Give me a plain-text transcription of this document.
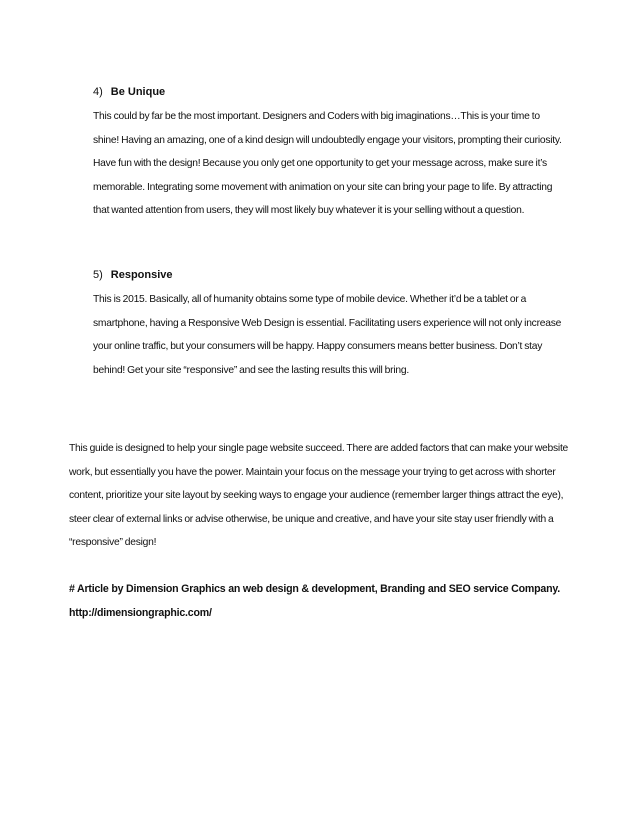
4) Be Unique

This could by far be the most important. Designers and Coders with big imaginations…This is your time to shine! Having an amazing, one of a kind design will undoubtedly engage your visitors, prompting their curiosity. Have fun with the design! Because you only get one opportunity to get your message across, make sure it’s memorable. Integrating some movement with animation on your site can bring your page to life. By attracting that wanted attention from users, they will most likely buy whatever it is your selling without a question.

5) Responsive

This is 2015. Basically, all of humanity obtains some type of mobile device. Whether it’d be a tablet or a smartphone, having a Responsive Web Design is essential. Facilitating users experience will not only increase your online traffic, but your consumers will be happy. Happy consumers means better business. Don’t stay behind! Get your site “responsive” and see the lasting results this will bring.

This guide is designed to help your single page website succeed. There are added factors that can make your website work, but essentially you have the power. Maintain your focus on the message your trying to get across with shorter content, prioritize your site layout by seeking ways to engage your audience (remember larger things attract the eye), steer clear of external links or advise otherwise, be unique and creative, and have your site stay user friendly with a “responsive” design!

# Article by Dimension Graphics an web design & development, Branding and SEO service Company. http://dimensiongraphic.com/
